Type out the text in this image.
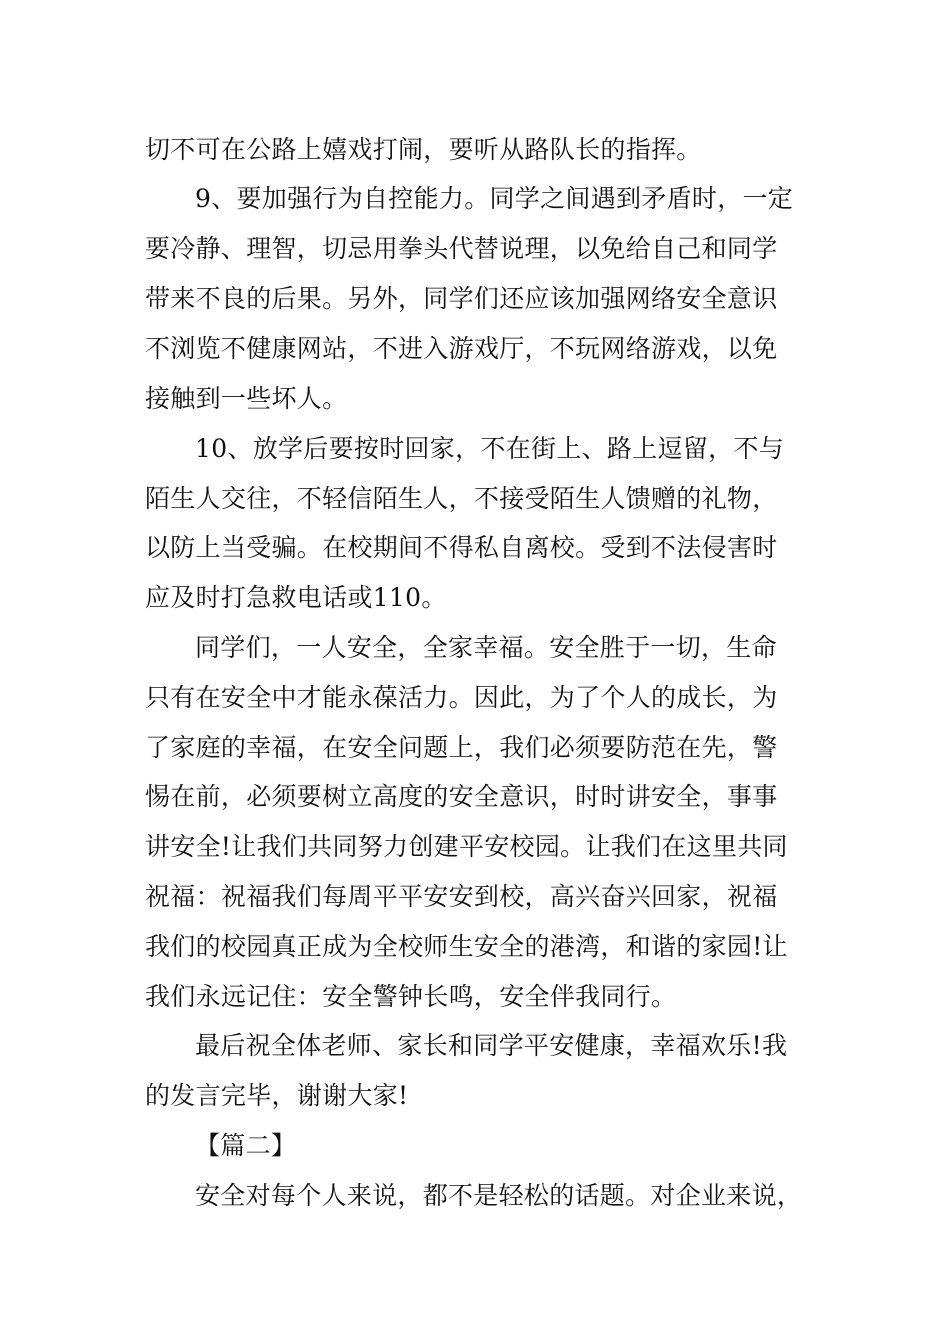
切不可在公路上嬉戏打闹，要听从路队长的指挥。
9、要加强行为自控能力。同学之间遇到矛盾时，一定
要冷静、理智，切忌用拳头代替说理，以免给自己和同学
带来不良的后果。另外，同学们还应该加强网络安全意识
不浏览不健康网站，不进入游戏厅，不玩网络游戏，以免
接触到一些坏人。
10、放学后要按时回家，不在街上、路上逗留，不与
陌生人交往，不轻信陌生人，不接受陌生人馈赠的礼物，
以防上当受骗。在校期间不得私自离校。受到不法侵害时
应及时打急救电话或110。
同学们，一人安全，全家幸福。安全胜于一切，生命
只有在安全中才能永葆活力。因此，为了个人的成长，为
了家庭的幸福，在安全问题上，我们必须要防范在先，警
惕在前，必须要树立高度的安全意识，时时讲安全，事事
讲安全!让我们共同努力创建平安校园。让我们在这里共同
祝福：祝福我们每周平平安安到校，高兴奋兴回家，祝福
我们的校园真正成为全校师生安全的港湾，和谐的家园!让
我们永远记住：安全警钟长鸣，安全伴我同行。
最后祝全体老师、家长和同学平安健康，幸福欢乐!我
的发言完毕，谢谢大家!
【篇二】
安全对每个人来说，都不是轻松的话题。对企业来说，
